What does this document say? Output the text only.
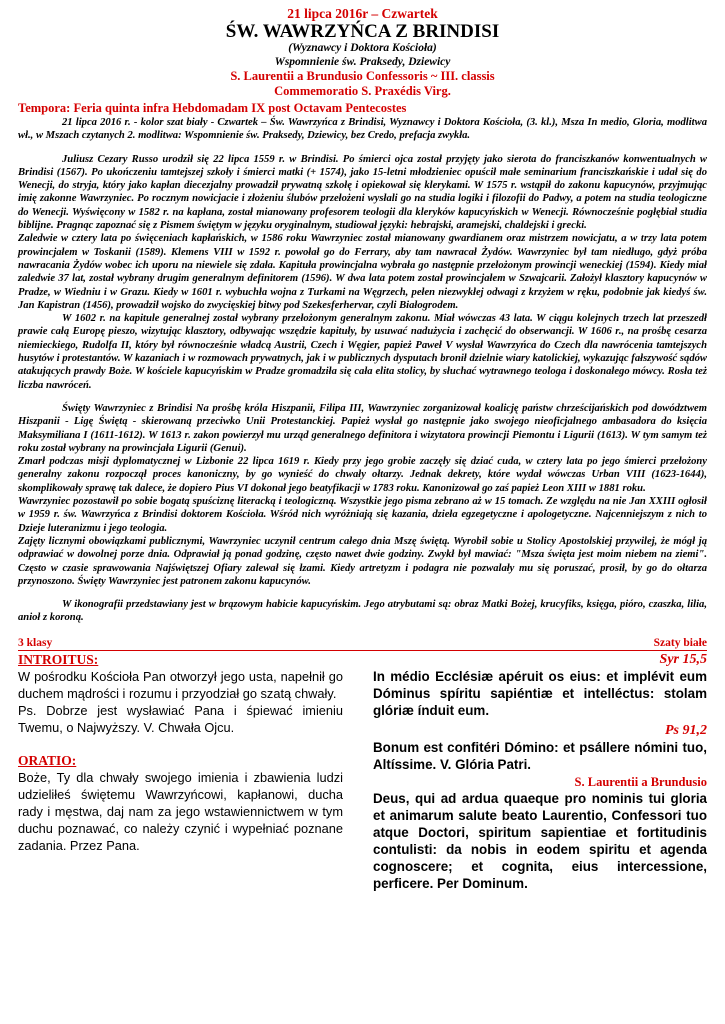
21 lipca 2016r – Czwartek
ŚW. WAWRZYŃCA Z BRINDISI
(Wyznawcy i Doktora Kościoła)
Wspomnienie św. Praksedy, Dziewicy
S. Laurentii a Brundusio Confessoris ~ III. classis
Commemoratio S. Praxédis Virg.
Tempora: Feria quinta infra Hebdomadam IX post Octavam Pentecostes

21 lipca 2016 r. - kolor szat biały - Czwartek – Św. Wawrzyńca z Brindisi, Wyznawcy i Doktora Kościoła, (3. kl.), Msza In medio, Gloria, modlitwa wł., w Mszach czytanych 2. modlitwa: Wspomnienie św. Praksedy, Dziewicy, bez Credo, prefacja zwykła.

Juliusz Cezary Russo urodził się 22 lipca 1559 r. w Brindisi. Po śmierci ojca został przyjęty jako sierota do franciszkanów konwentualnych w Brindisi (1567). Po ukończeniu tamtejszej szkoły i śmierci matki (+ 1574), jako 15-letni młodzieniec opuścił małe seminarium franciszkańskie i udał się do Wenecji, do stryja, który jako kapłan diecezjalny prowadził prywatną szkołę i opiekował się klerykami. W 1575 r. wstąpił do zakonu kapucynów, przyjmując imię zakonne Wawrzyniec. Po rocznym nowicjacie i złożeniu ślubów przełożeni wysłali go na studia logiki i filozofii do Padwy, a potem na studia teologiczne do Wenecji. Wyświęcony w 1582 r. na kapłana, został mianowany profesorem teologii dla kleryków kapucyńskich w Wenecji. Równocześnie pogłębiał studia biblijne. Pragnąc zapoznać się z Pismem świętym w języku oryginalnym, studiował języki: hebrajski, aramejski, chaldejski i grecki.

Zaledwie w cztery lata po święceniach kapłańskich, w 1586 roku Wawrzyniec został mianowany gwardianem oraz mistrzem nowicjatu, a w trzy lata potem prowincjałem w Toskanii (1589). Klemens VIII w 1592 r. powołał go do Ferrary, aby tam nawracał Żydów. Wawrzyniec był tam niedługo, gdyż próba nawracania Żydów wobec ich uporu na niewiele się zdała. Kapituła prowincjalna wybrała go następnie przełożonym prowincji weneckiej (1594). Kiedy miał zaledwie 37 lat, został wybrany drugim generalnym definitorem (1596). W dwa lata potem został prowincjałem w Szwajcarii. Założył klasztory kapucynów w Pradze, w Wiedniu i w Grazu. Kiedy w 1601 r. wybuchła wojna z Turkami na Węgrzech, pełen niezwykłej odwagi z krzyżem w ręku, podobnie jak kiedyś św. Jan Kapistran (1456), prowadził wojsko do zwycięskiej bitwy pod Szekesferhervar, czyli Białogrodem.

W 1602 r. na kapitule generalnej został wybrany przełożonym generalnym zakonu. Miał wówczas 43 lata. W ciągu kolejnych trzech lat przeszedł prawie całą Europę pieszo, wizytując klasztory, odbywając wszędzie kapituły, by usuwać nadużycia i zachęcić do obserwancji. W 1606 r., na prośbę cesarza niemieckiego, Rudolfa II, który był równocześnie władcą Austrii, Czech i Węgier, papież Paweł V wysłał Wawrzyńca do Czech dla nawrócenia tamtejszych husytów i protestantów. W kazaniach i w rozmowach prywatnych, jak i w publicznych dysputach bronił dzielnie wiary katolickiej, wykazując fałszywość sądów atakujących prawdy Boże. W kościele kapucyńskim w Pradze gromadziła się cała elita stolicy, by słuchać wytrawnego teologa i doskonałego mówcy. Rosła też liczba nawróceń.

Święty Wawrzyniec z Brindisi Na prośbę króla Hiszpanii, Filipa III, Wawrzyniec zorganizował koalicję państw chrześcijańskich pod dowództwem Hiszpanii - Ligę Świętą - skierowaną przeciwko Unii Protestanckiej. Papież wysłał go następnie jako swojego nieoficjalnego ambasadora do księcia Maksymiliana I (1611-1612). W 1613 r. zakon powierzył mu urząd generalnego definitora i wizytatora prowincji Piemontu i Ligurii (1613). W tym samym też roku został wybrany na prowincjała Ligurii (Genui).

Zmarł podczas misji dyplomatycznej w Lizbonie 22 lipca 1619 r. Kiedy przy jego grobie zaczęły się dziać cuda, w cztery lata po jego śmierci przełożony generalny zakonu rozpoczął proces kanoniczny, by go wynieść do chwały ołtarzy. Jednak dekrety, które wydał wówczas Urban VIII (1623-1644), skomplikowały sprawę tak dalece, że dopiero Pius VI dokonał jego beatyfikacji w 1783 roku. Kanonizował go zaś papież Leon XIII w 1881 roku.

Wawrzyniec pozostawił po sobie bogatą spuściznę literacką i teologiczną. Wszystkie jego pisma zebrano aż w 15 tomach. Ze względu na nie Jan XXIII ogłosił w 1959 r. św. Wawrzyńca z Brindisi doktorem Kościoła. Wśród nich wyróżniają się kazania, dzieła egzegetyczne i apologetyczne. Najcenniejszym z nich to Dzieje luteranizmu i jego teologia.

Zajęty licznymi obowiązkami publicznymi, Wawrzyniec uczynił centrum całego dnia Mszę świętą. Wyrobił sobie u Stolicy Apostolskiej przywilej, że mógł ją odprawiać w dowolnej porze dnia. Odprawiał ją ponad godzinę, często nawet dwie godziny. Zwykł był mawiać: "Msza święta jest moim niebem na ziemi". Często w czasie sprawowania Najświętszej Ofiary zalewał się łzami. Kiedy artretyzm i podagra nie pozwalały mu się poruszać, prosił, by go do ołtarza przynoszono. Święty Wawrzyniec jest patronem zakonu kapucynów.

W ikonografii przedstawiany jest w brązowym habicie kapucyńskim. Jego atrybutami są: obraz Matki Bożej, krucyfiks, księga, pióro, czaszka, lilia, anioł z koroną.

3 klasy	Szaty białe
INTROITUS:

W pośrodku Kościoła Pan otworzył jego usta, napełnił go duchem mądrości i rozumu i przyodział go szatą chwały.

Ps. Dobrze jest wysławiać Pana i śpiewać imieniu Twemu, o Najwyższy. V. Chwała Ojcu.

ORATIO:

Boże, Ty dla chwały swojego imienia i zbawienia ludzi udzieliłeś świętemu Wawrzyńcowi, kapłanowi, ducha rady i męstwa, daj nam za jego wstawiennictwem w tym duchu poznawać, co należy czynić i wypełniać poznane zadania. Przez Pana.

Syr 15,5

In médio Ecclésiæ apéruit os eius: et implévit eum Dóminus spíritu sapiéntiæ et intelléctus: stolam glóriæ índuit eum.

Ps 91,2

Bonum est confitéri Dómino: et psállere nómini tuo, Altíssime. V. Glória Patri.

S. Laurentii a Brundusio

Deus, qui ad ardua quaeque pro nominis tui gloria et animarum salute beato Laurentio, Confessori tuo atque Doctori, spiritum sapientiae et fortitudinis contulisti: da nobis in eodem spiritu et agenda cognoscere; et cognita, eius intercessione, perficere. Per Dominum.
